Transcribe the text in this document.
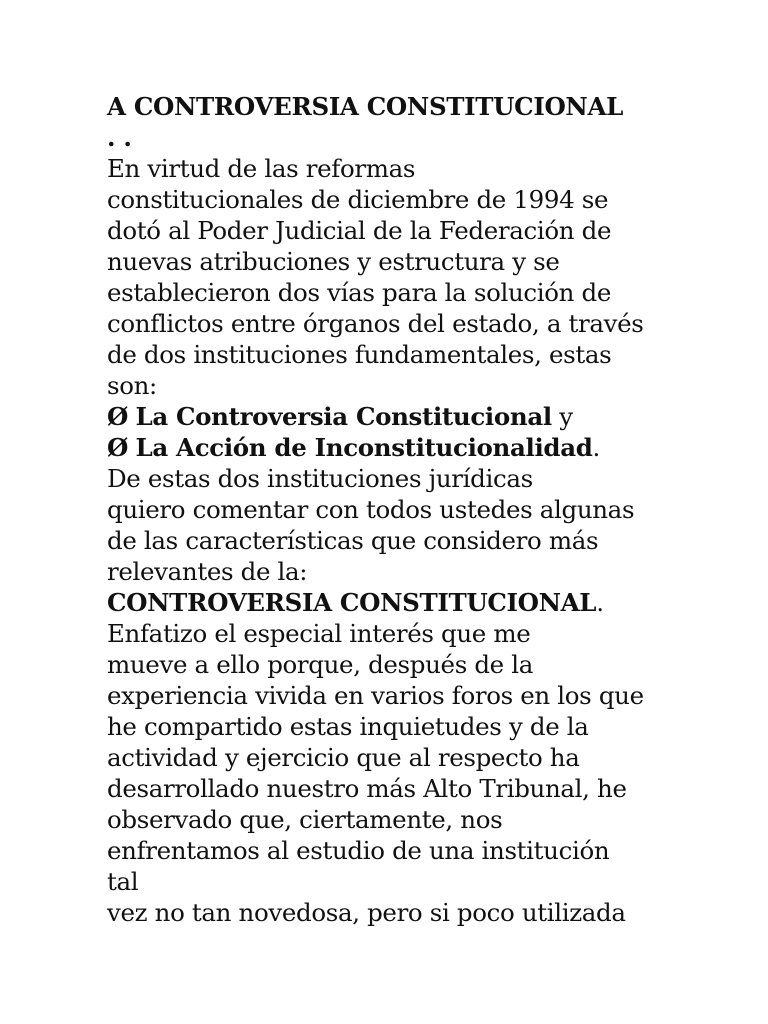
A CONTROVERSIA CONSTITUCIONAL
. .
En virtud de las reformas
constitucionales de diciembre de 1994 se
dotó al Poder Judicial de la Federación de
nuevas atribuciones y estructura y se
establecieron dos vías para la solución de
conflictos entre órganos del estado, a través
de dos instituciones fundamentales, estas
son:
Ø La Controversia Constitucional y
Ø La Acción de Inconstitucionalidad.
De estas dos instituciones jurídicas
quiero comentar con todos ustedes algunas
de las características que considero más
relevantes de la:
CONTROVERSIA CONSTITUCIONAL.
Enfatizo el especial interés que me
mueve a ello porque, después de la
experiencia vivida en varios foros en los que
he compartido estas inquietudes y de la
actividad y ejercicio que al respecto ha
desarrollado nuestro más Alto Tribunal, he
observado que, ciertamente, nos
enfrentamos al estudio de una institución
tal
vez no tan novedosa, pero si poco utilizada
